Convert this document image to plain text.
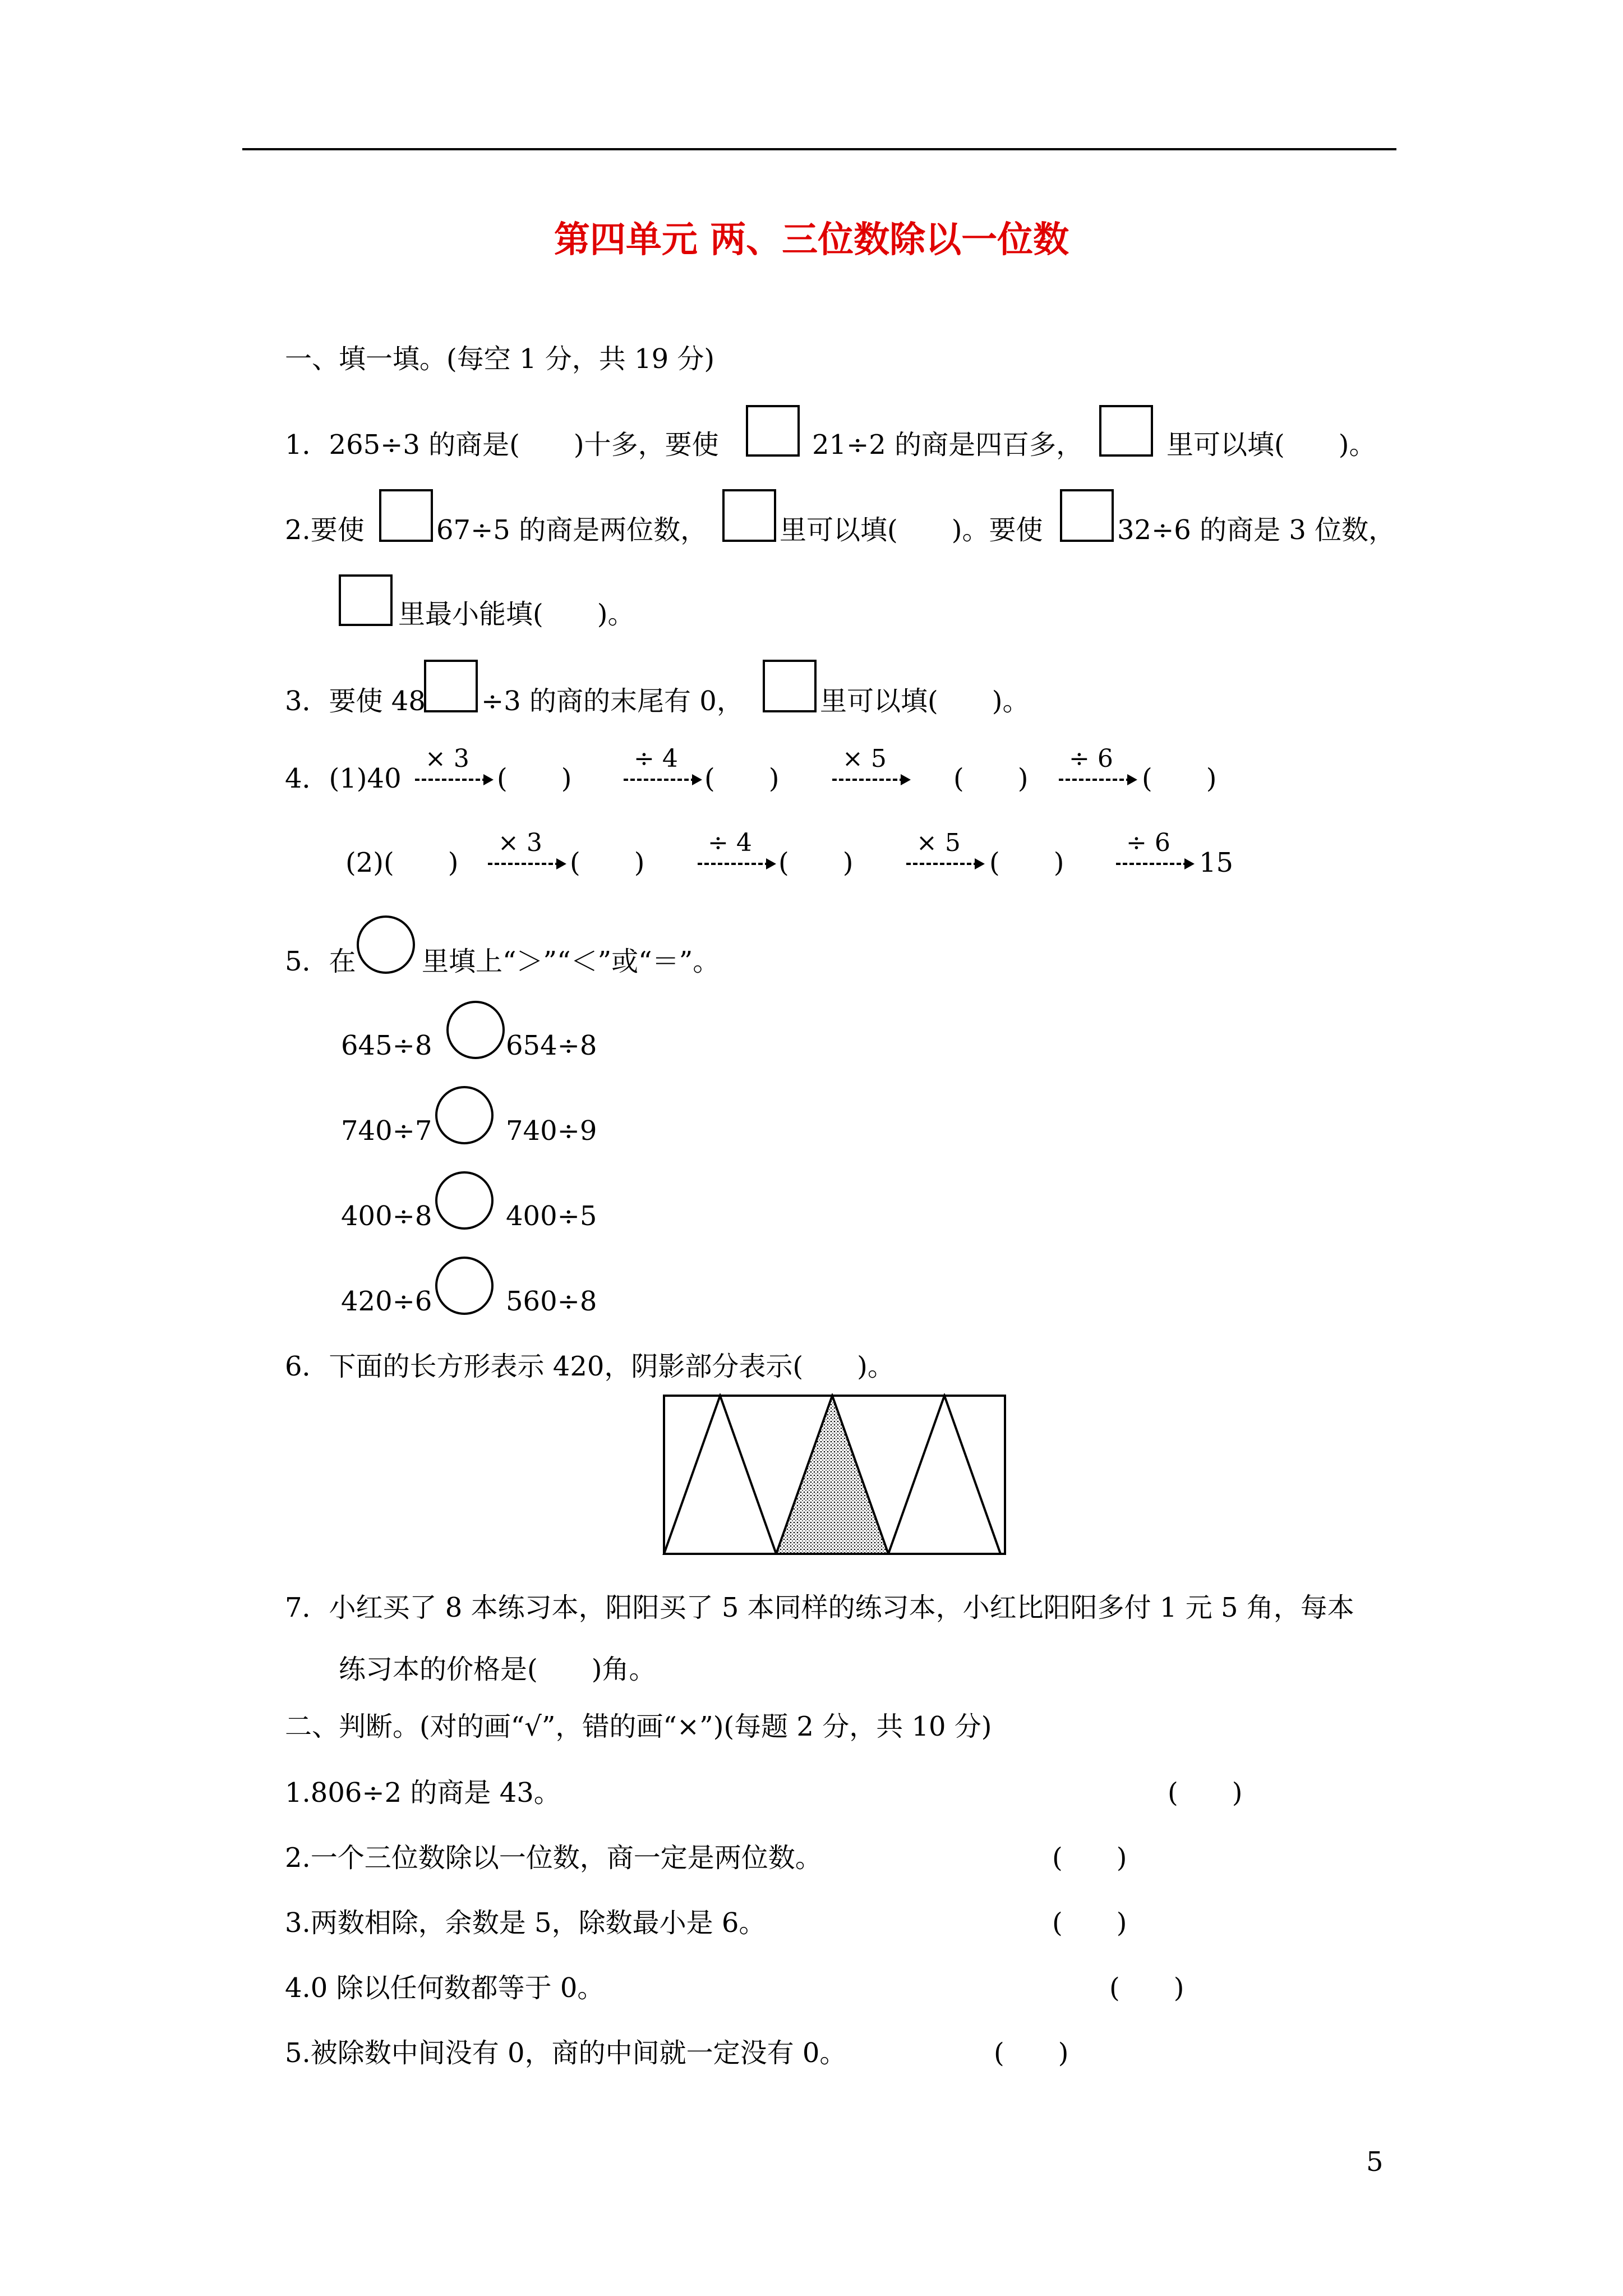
第四单元 两、三位数除以一位数
一、填一填。(每空 1 分，共 19 分)
1．265÷3 的商是(　　)十多，要使	21÷2 的商是四百多，	里可以填(　　)。
2.要使	67÷5 的商是两位数，	里可以填(　　)。要使	32÷6 的商是 3 位数，
里最小能填(　　)。
3．要使 48 ÷3 的商的末尾有 0，	里可以填(　　)。
4．(1)40
× 3
(　　)
÷ 4
(　　)
× 5
(　　)
÷ 6
(　　)
(2)(　　)
× 3
(　　)
÷ 4
(　　)
× 5
(　　)
÷ 6
15
5．在 里填上“＞”“＜”或“＝”。
645÷8	654÷8
740÷7	740÷9
400÷8	400÷5
420÷6	560÷8
6．下面的长方形表示 420，阴影部分表示(　　)。
7．小红买了 8 本练习本，阳阳买了 5 本同样的练习本，小红比阳阳多付 1 元 5 角，每本
练习本的价格是(　　)角。
二、判断。(对的画“√”，错的画“×”)(每题 2 分，共 10 分)
1.806÷2 的商是 43。	(　　)
2.一个三位数除以一位数，商一定是两位数。	(　　)
3.两数相除，余数是 5，除数最小是 6。	(　　)
4.0 除以任何数都等于 0。	(　　)
5.被除数中间没有 0，商的中间就一定没有 0。	(　　)
5
